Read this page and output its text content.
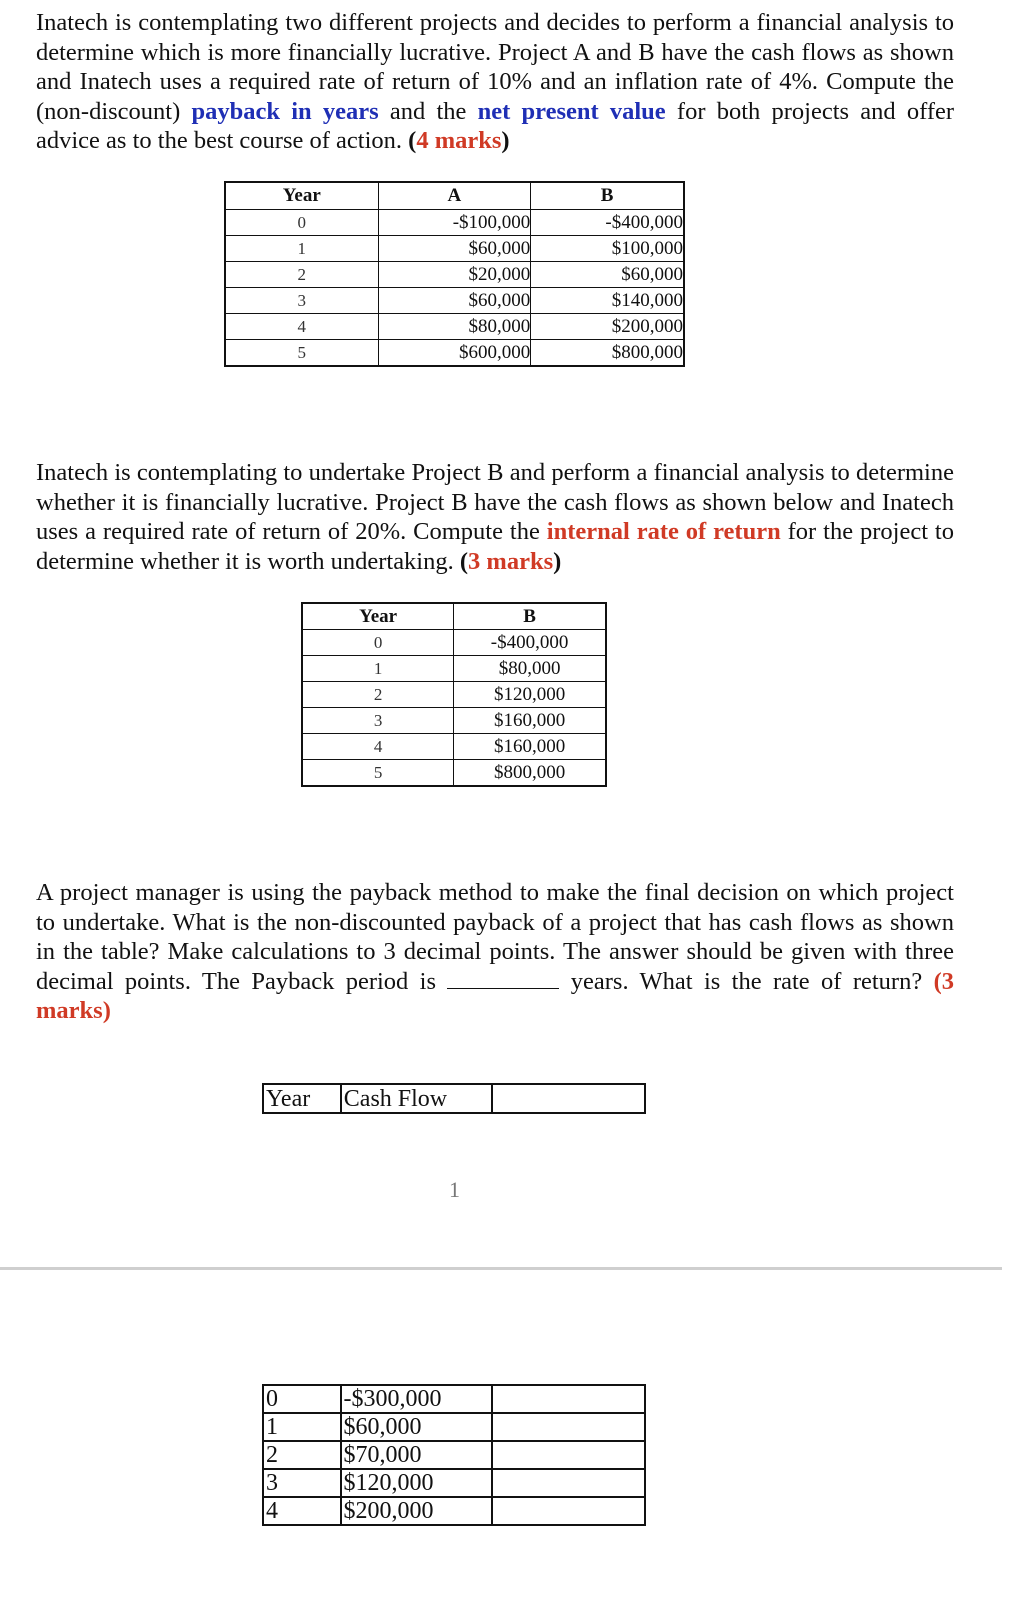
Inatech is contemplating two different projects and decides to perform a financial analysis to determine which is more financially lucrative. Project A and B have the cash flows as shown and Inatech uses a required rate of return of 10% and an inflation rate of 4%. Compute the (non-discount) payback in years and the net present value for both projects and offer advice as to the best course of action. (4 marks)
Year	A	B
0	-$100,000	-$400,000
1	$60,000	$100,000
2	$20,000	$60,000
3	$60,000	$140,000
4	$80,000	$200,000
5	$600,000	$800,000
Inatech is contemplating to undertake Project B and perform a financial analysis to determine whether it is financially lucrative. Project B have the cash flows as shown below and Inatech uses a required rate of return of 20%. Compute the internal rate of return for the project to determine whether it is worth undertaking. (3 marks)
Year	B
0	-$400,000
1	$80,000
2	$120,000
3	$160,000
4	$160,000
5	$800,000
A project manager is using the payback method to make the final decision on which project to undertake. What is the non-discounted payback of a project that has cash flows as shown in the table? Make calculations to 3 decimal points. The answer should be given with three decimal points. The Payback period is	years. What is the rate of return? (3 marks)
Year	Cash Flow	
1
0	-$300,000	
1	$60,000	
2	$70,000	
3	$120,000	
4	$200,000	
